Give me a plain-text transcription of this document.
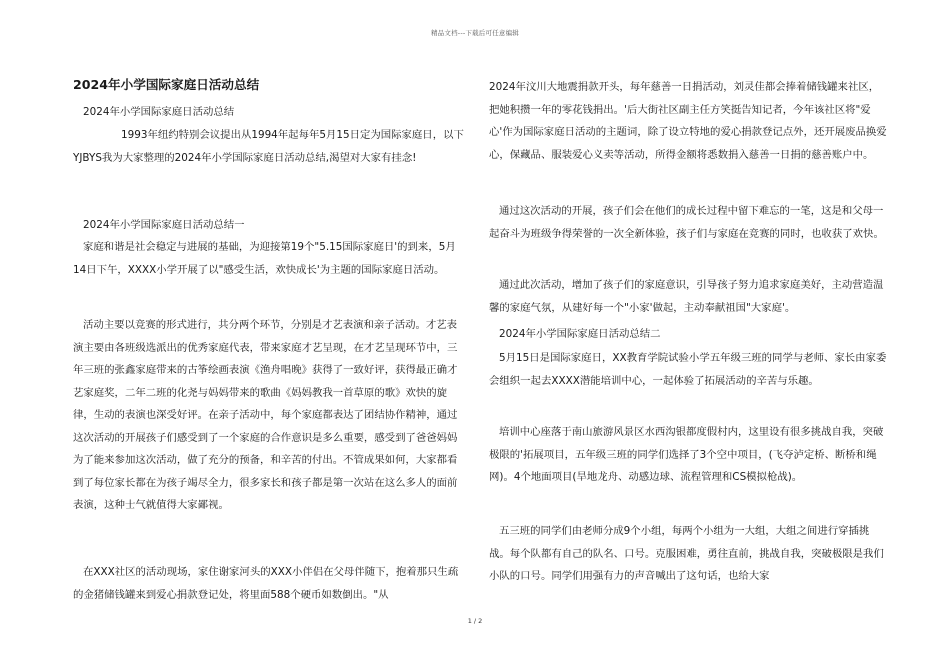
精品文档---下载后可任意编辑
2024年小学国际家庭日活动总结

2024年小学国际家庭日活动总结

1993年纽约特别会议提出从1994年起每年5月15日定为国际家庭日，以下YJBYS我为大家整理的2024年小学国际家庭日活动总结,渴望对大家有挂念!

2024年小学国际家庭日活动总结一

家庭和谐是社会稳定与进展的基础，为迎接第19个"5.15国际家庭日'的到来，5月14日下午，XXXX小学开展了以"感受生活，欢快成长'为主题的国际家庭日活动。

活动主要以竞赛的形式进行，共分两个环节，分别是才艺表演和亲子活动。才艺表演主要由各班级选派出的优秀家庭代表，带来家庭才艺呈现，在才艺呈现环节中，三年三班的张鑫家庭带来的古筝绘画表演《渔舟唱晚》获得了一致好评，获得最正确才艺家庭奖，二年二班的化尧与妈妈带来的歌曲《妈妈教我一首草原的歌》欢快的旋律，生动的表演也深受好评。在亲子活动中，每个家庭都表达了团结协作精神，通过这次活动的开展孩子们感受到了一个家庭的合作意识是多么重要，感受到了爸爸妈妈为了能来参加这次活动，做了充分的预备，和辛苦的付出。不管成果如何，大家都看到了每位家长都在为孩子竭尽全力，很多家长和孩子都是第一次站在这么多人的面前表演，这种士气就值得大家鄙视。

在XXX社区的活动现场，家住谢家河头的XXX小伴侣在父母伴随下，抱着那只生疏的金猪储钱罐来到爱心捐款登记处，将里面588个硬币如数倒出。"从

2024年汶川大地震捐款开头，每年慈善一日捐活动，刘灵佳都会捧着储钱罐来社区，把她积攒一年的零花钱捐出。'后大街社区副主任方笑挺告知记者，今年该社区将"爱心'作为国际家庭日活动的主题词，除了设立特地的爱心捐款登记点外，还开展废品换爱心，保藏品、服装爱心义卖等活动，所得金额将悉数捐入慈善一日捐的慈善账户中。

通过这次活动的开展，孩子们会在他们的成长过程中留下难忘的一笔，这是和父母一起奋斗为班级争得荣誉的一次全新体验，孩子们与家庭在竞赛的同时，也收获了欢快。

通过此次活动，增加了孩子们的家庭意识，引导孩子努力追求家庭美好，主动营造温馨的家庭气氛，从建好每一个"小家'做起，主动奉献祖国"大家庭'。

2024年小学国际家庭日活动总结二

5月15日是国际家庭日，XX教育学院试验小学五年级三班的同学与老师、家长由家委会组织一起去XXXX潜能培训中心，一起体验了拓展活动的辛苦与乐趣。

培训中心座落于南山旅游风景区水西沟银都度假村内，这里设有很多挑战自我，突破极限的'拓展项目，五年级三班的同学们选择了3个空中项目，(飞夺泸定桥、断桥和绳网)。4个地面项目(旱地龙舟、动感边球、流程管理和CS模拟枪战)。

五三班的同学们由老师分成9个小组，每两个小组为一大组，大组之间进行穿插挑战。每个队都有自己的队名、口号。克服困难，勇往直前，挑战自我，突破极限是我们小队的口号。同学们用强有力的声音喊出了这句话，也给大家

1 / 2
